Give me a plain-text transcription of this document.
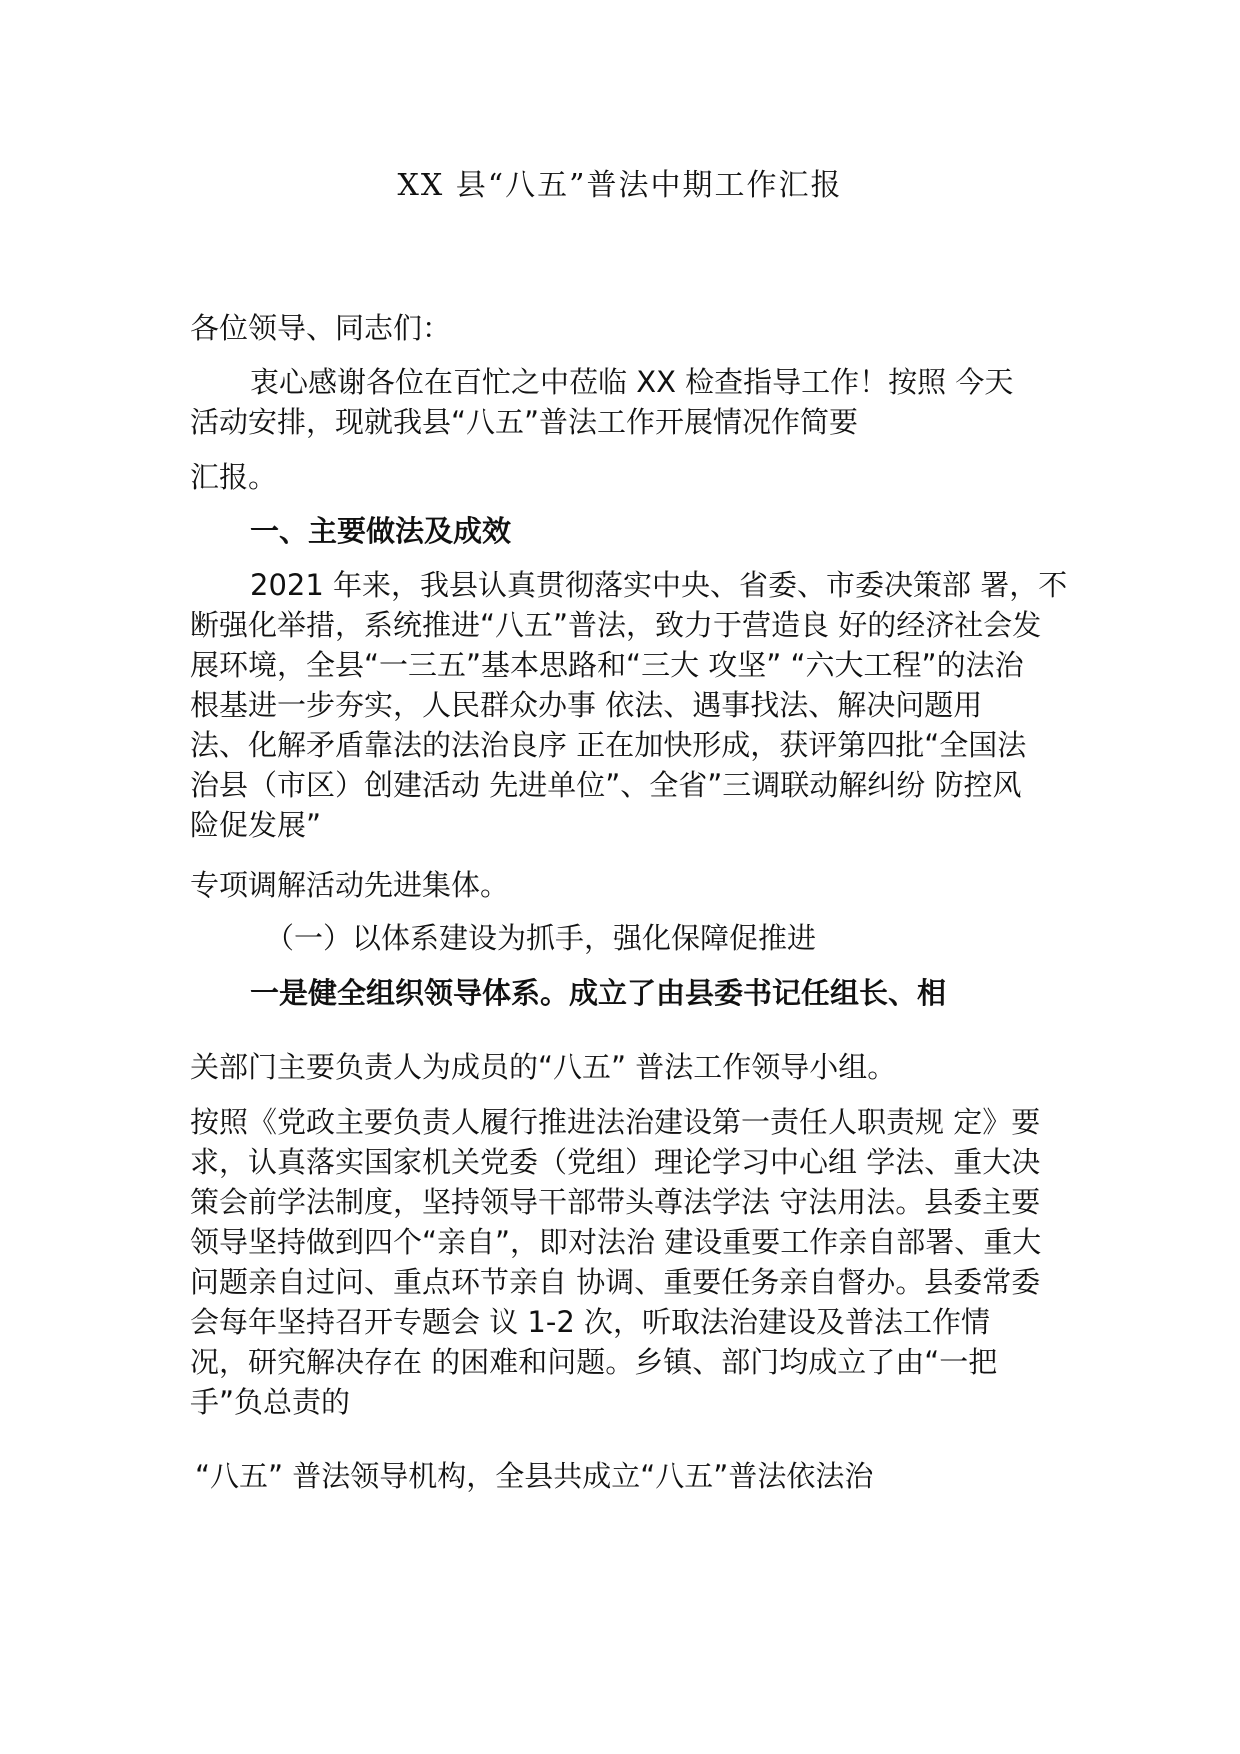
XX 县“八五”普法中期工作汇报
各位领导、同志们：
衷心感谢各位在百忙之中莅临 XX 检查指导工作！按照 今天
活动安排，现就我县“八五”普法工作开展情况作简要
汇报。
一、主要做法及成效
2021 年来，我县认真贯彻落实中央、省委、市委决策部 署，不
断强化举措，系统推进“八五”普法，致力于营造良 好的经济社会发
展环境，全县“一三五”基本思路和“三大 攻坚” “六大工程”的法治
根基进一步夯实，人民群众办事 依法、遇事找法、解决问题用
法、化解矛盾靠法的法治良序 正在加快形成，获评第四批“全国法
治县（市区）创建活动 先进单位”、全省”三调联动解纠纷 防控风
险促发展”
专项调解活动先进集体。
（一）以体系建设为抓手，强化保障促推进
一是健全组织领导体系。成立了由县委书记任组长、相
关部门主要负责人为成员的“八五” 普法工作领导小组。
按照《党政主要负责人履行推进法治建设第一责任人职责规 定》要
求，认真落实国家机关党委（党组）理论学习中心组 学法、重大决
策会前学法制度，坚持领导干部带头尊法学法 守法用法。县委主要
领导坚持做到四个“亲自”，即对法治 建设重要工作亲自部署、重大
问题亲自过问、重点环节亲自 协调、重要任务亲自督办。县委常委
会每年坚持召开专题会 议 1-2 次，听取法治建设及普法工作情
况，研究解决存在 的困难和问题。乡镇、部门均成立了由“一把
手”负总责的
“八五” 普法领导机构，全县共成立“八五”普法依法治
